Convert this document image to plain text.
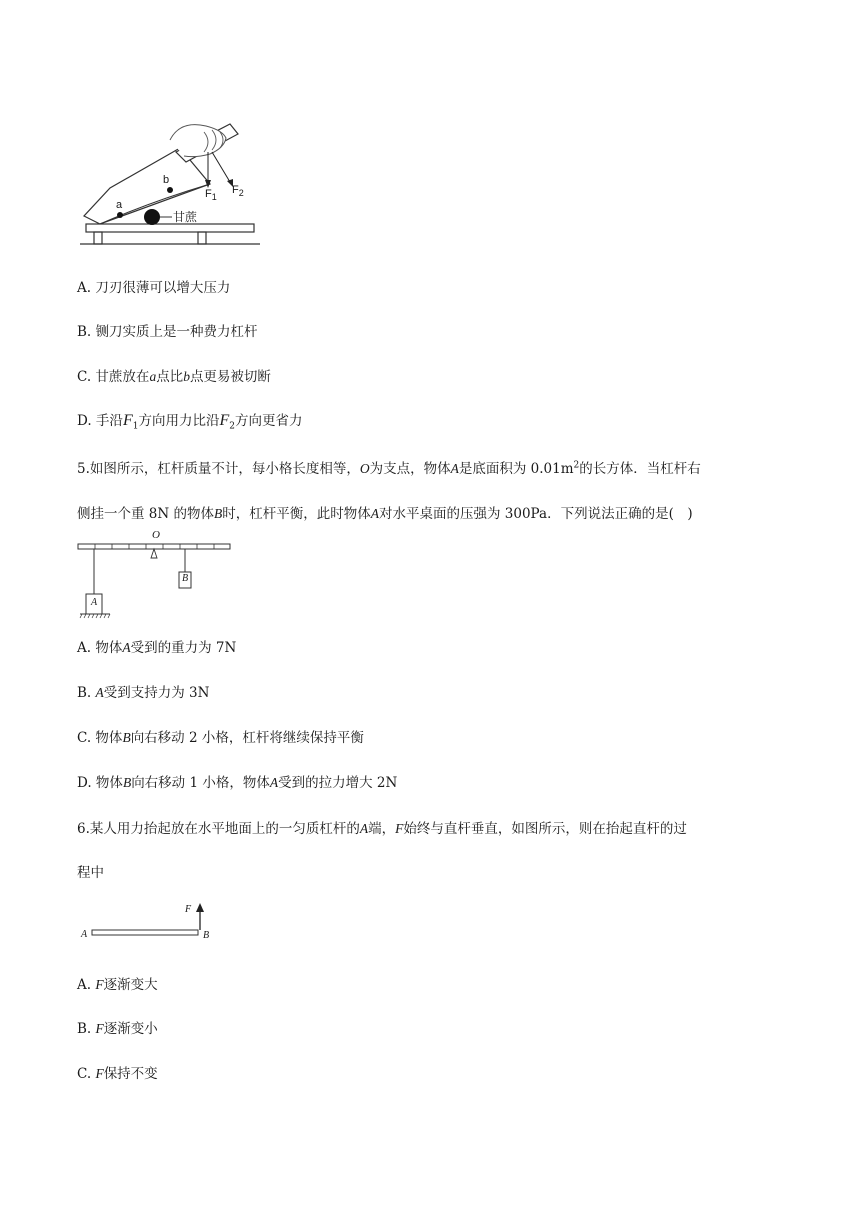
a
b
甘蔗
$F_1$
$F_2$
A. 刀刃很薄可以增大压力
B. 铡刀实质上是一种费力杠杆
C. 甘蔗放在a点比b点更易被切断
D. 手沿$F_1$方向用力比沿$F_2$方向更省力
5.如图所示，杠杆质量不计，每小格长度相等，O为支点，物体A是底面积为 $0.01m^2$的长方体．当杠杆右
侧挂一个重 8N 的物体B时，杠杆平衡，此时物体A对水平桌面的压强为 300Pa．下列说法正确的是(　)
O
A
B
A. 物体A受到的重力为 7N
B. A受到支持力为 3N
C. 物体B向右移动 2 小格，杠杆将继续保持平衡
D. 物体B向右移动 1 小格，物体A受到的拉力增大 2N
6.某人用力抬起放在水平地面上的一匀质杠杆的A端，F始终与直杆垂直，如图所示，则在抬起直杆的过
程中
A	B
F
A. F逐渐变大
B. F逐渐变小
C. F保持不变
